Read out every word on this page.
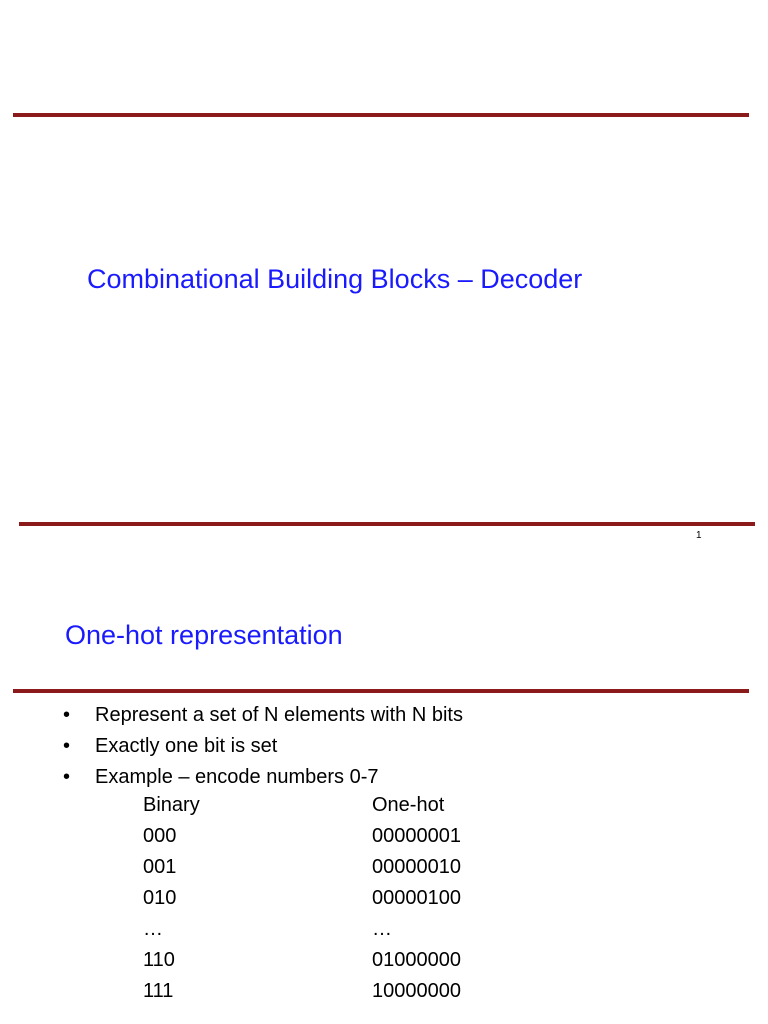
Combinational Building Blocks – Decoder
1
One-hot representation
• Represent a set of N elements with N bits
• Exactly one bit is set
• Example – encode numbers 0-7
Binary	One-hot
000	00000001
001	00000010
010	00000100
…	…
110	01000000
111	10000000
